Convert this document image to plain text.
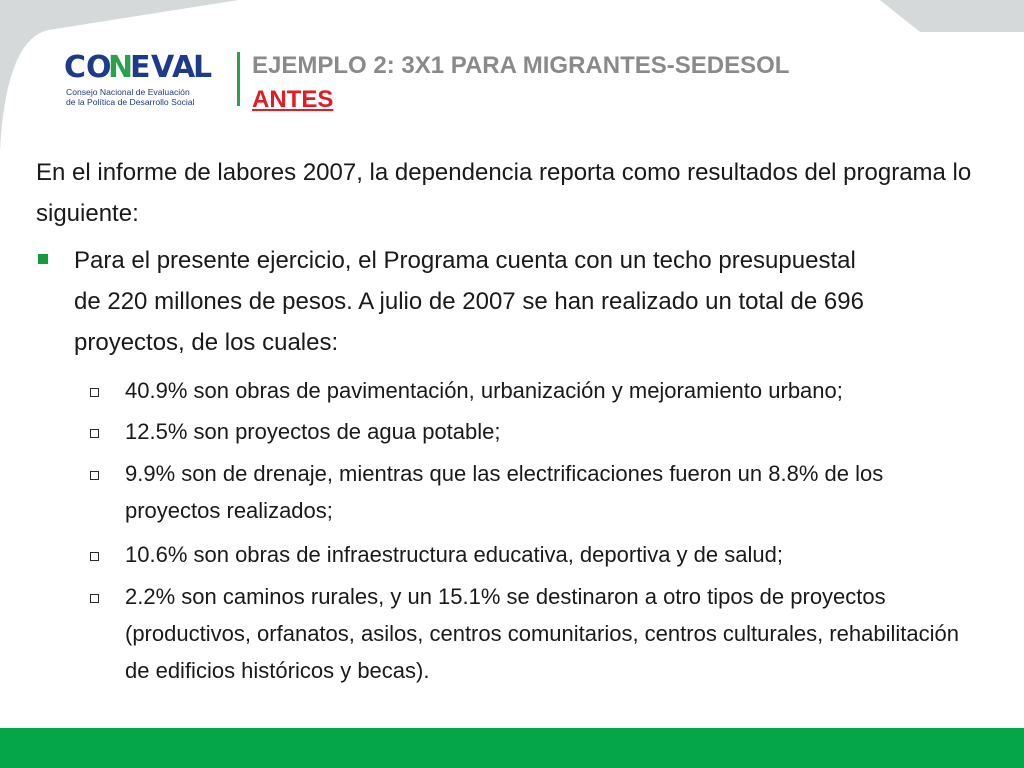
C O
N
E V
A
L
Consejo Nacional de Evaluación
de la Política de Desarrollo Social
EJEMPLO 2: 3X1 PARA MIGRANTES-SEDESOL
ANTES
En el informe de labores 2007, la dependencia reporta como resultados del programa lo siguiente:
Para el presente ejercicio, el Programa cuenta con un techo presupuestal de 220 millones de pesos. A julio de 2007 se han realizado un total de 696 proyectos, de los cuales:
40.9% son obras de pavimentación, urbanización y mejoramiento urbano;
12.5% son proyectos de agua potable;
9.9% son de drenaje, mientras que las electrificaciones fueron un 8.8% de los proyectos realizados;
10.6% son obras de infraestructura educativa, deportiva y de salud;
2.2% son caminos rurales, y un 15.1% se destinaron a otro tipos de proyectos (productivos, orfanatos, asilos, centros comunitarios, centros culturales, rehabilitación de edificios históricos y becas).
